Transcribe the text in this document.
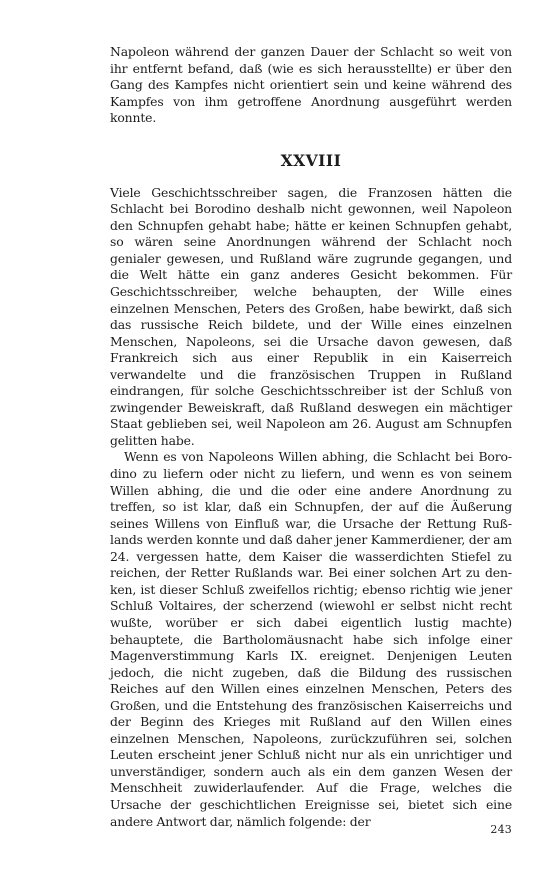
Napoleon während der ganzen Dauer der Schlacht so weit von ihr entfernt befand, daß (wie es sich herausstellte) er über den Gang des Kampfes nicht orientiert sein und keine während des Kampfes von ihm getroffene Anordnung ausgeführt werden konnte.

XXVIII

Viele Geschichtsschreiber sagen, die Franzosen hätten die Schlacht bei Borodino deshalb nicht gewonnen, weil Napoleon den Schnupfen gehabt habe; hätte er keinen Schnupfen gehabt, so wären seine Anordnungen während der Schlacht noch genialer gewesen, und Rußland wäre zugrunde gegangen, und die Welt hätte ein ganz anderes Gesicht bekommen. Für Geschichtsschreiber, welche behaupten, der Wille eines einzelnen Menschen, Peters des Großen, habe bewirkt, daß sich das russische Reich bildete, und der Wille eines einzelnen Menschen, Napoleons, sei die Ursache davon gewesen, daß Frankreich sich aus einer Republik in ein Kaiserreich verwandelte und die französischen Truppen in Rußland eindrangen, für solche Geschichtsschreiber ist der Schluß von zwingender Beweiskraft, daß Rußland deswegen ein mächtiger Staat geblieben sei, weil Napoleon am 26. August am Schnupfen gelitten habe.

Wenn es von Napoleons Willen abhing, die Schlacht bei Borodino zu liefern oder nicht zu liefern, und wenn es von seinem Willen abhing, die und die oder eine andere Anordnung zu treffen, so ist klar, daß ein Schnupfen, der auf die Äußerung seines Willens von Einfluß war, die Ursache der Rettung Rußlands werden konnte und daß daher jener Kammerdiener, der am 24. vergessen hatte, dem Kaiser die wasserdichten Stiefel zu reichen, der Retter Rußlands war. Bei einer solchen Art zu denken, ist dieser Schluß zweifellos richtig; ebenso richtig wie jener Schluß Voltaires, der scherzend (wiewohl er selbst nicht recht wußte, worüber er sich dabei eigentlich lustig machte) behauptete, die Bartholomäusnacht habe sich infolge einer Magenverstimmung Karls IX. ereignet. Denjenigen Leuten jedoch, die nicht zugeben, daß die Bildung des russischen Reiches auf den Willen eines einzelnen Menschen, Peters des Großen, und die Entstehung des französischen Kaiserreichs und der Beginn des Krieges mit Rußland auf den Willen eines einzelnen Menschen, Napoleons, zurückzuführen sei, solchen Leuten erscheint jener Schluß nicht nur als ein unrichtiger und unverständiger, sondern auch als ein dem ganzen Wesen der Menschheit zuwiderlaufender. Auf die Frage, welches die Ursache der geschichtlichen Ereignisse sei, bietet sich eine andere Antwort dar, nämlich folgende: der

243
